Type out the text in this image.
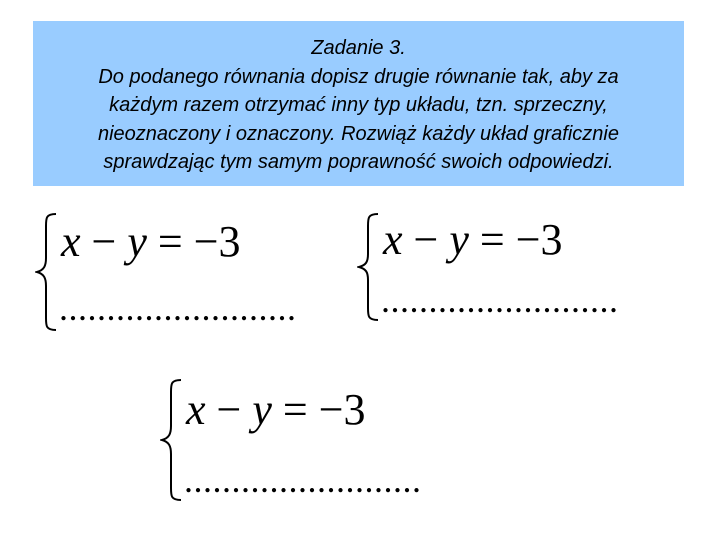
Zadanie 3.
Do podanego równania dopisz drugie równanie tak, aby za
każdym razem otrzymać inny typ układu, tzn. sprzeczny,
nieoznaczony i oznaczony. Rozwiąż każdy układ graficznie
sprawdzając tym samym poprawność swoich odpowiedzi.
x − y = −3
.........................
x − y = −3
.........................
x − y = −3
.........................
